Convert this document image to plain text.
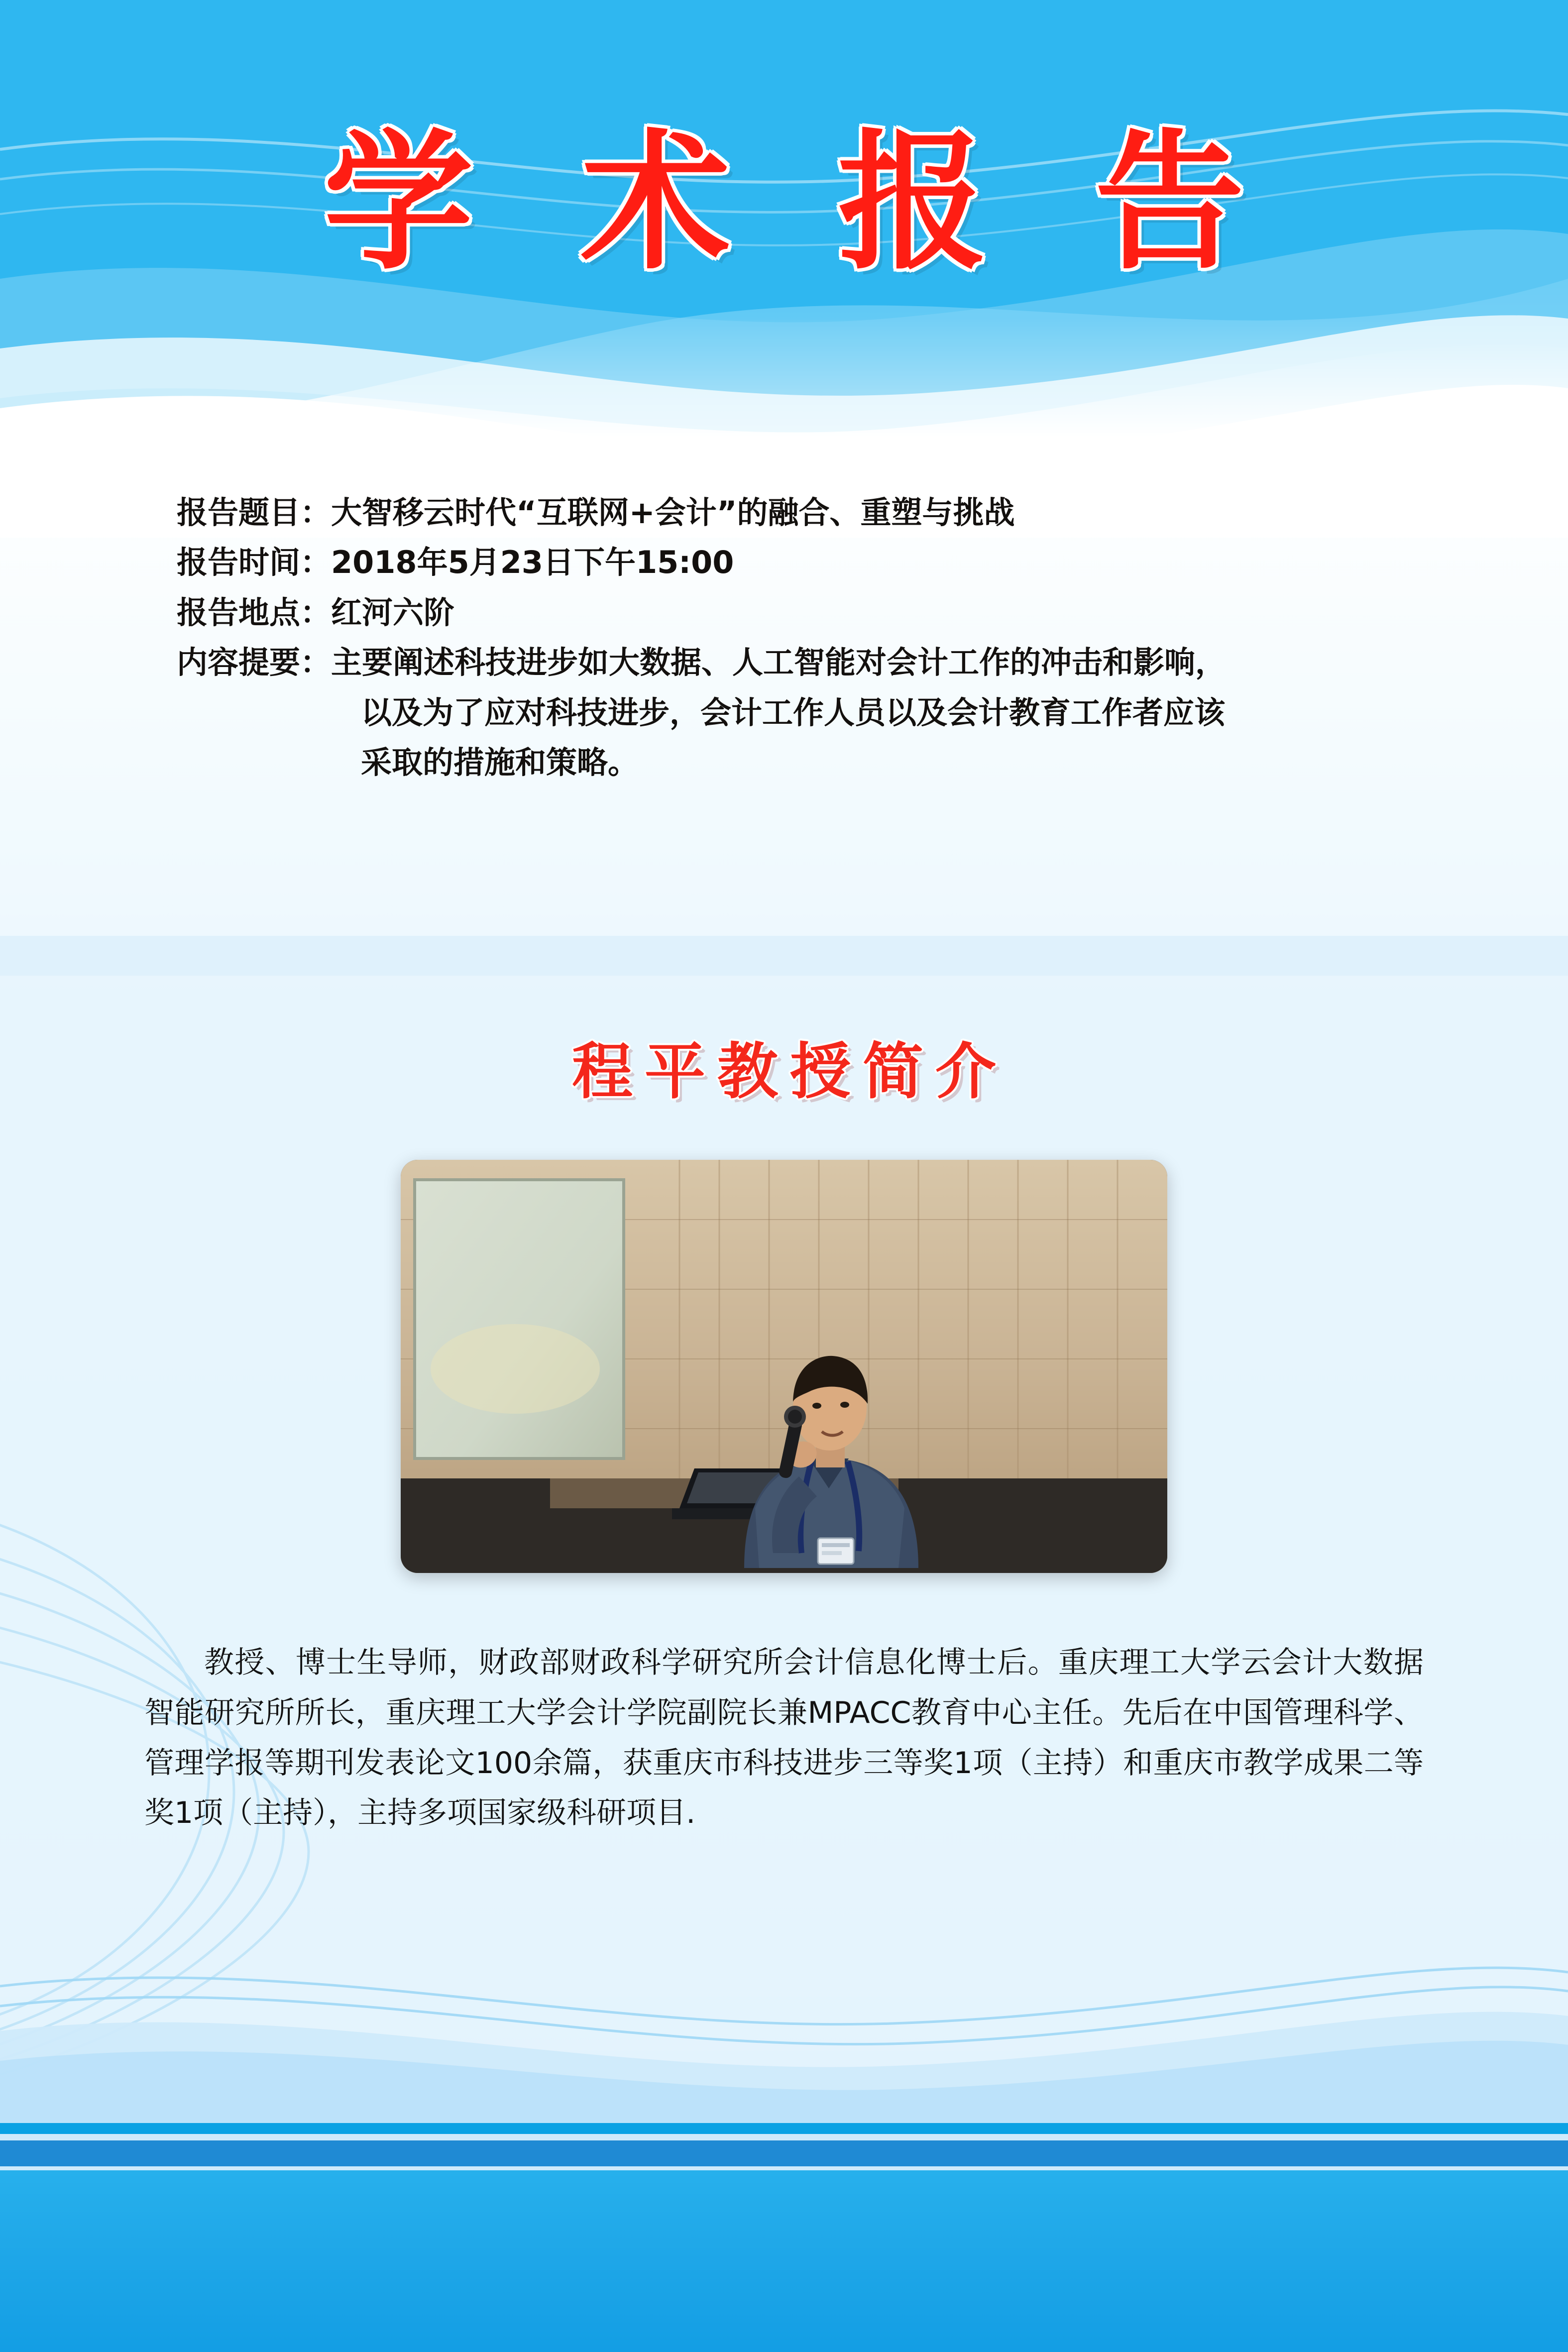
学 术 报 告
报告题目： 大智移云时代“互联网+会计”的融合、重塑与挑战
报告时间： 2018年5月23日下午15:00
报告地点： 红河六阶
内容提要： 主要阐述科技进步如大数据、人工智能对会计工作的冲击和影响，
以及为了应对科技进步，会计工作人员以及会计教育工作者应该
采取的措施和策略。
程平教授简介
教授、博士生导师，财政部财政科学研究所会计信息化博士后。重庆理工大学云会计大数据智能研究所所长，重庆理工大学会计学院副院长兼MPACC教育中心主任。先后在中国管理科学、管理学报等期刊发表论文100余篇，获重庆市科技进步三等奖1项（主持）和重庆市教学成果二等奖1项（主持），主持多项国家级科研项目.
